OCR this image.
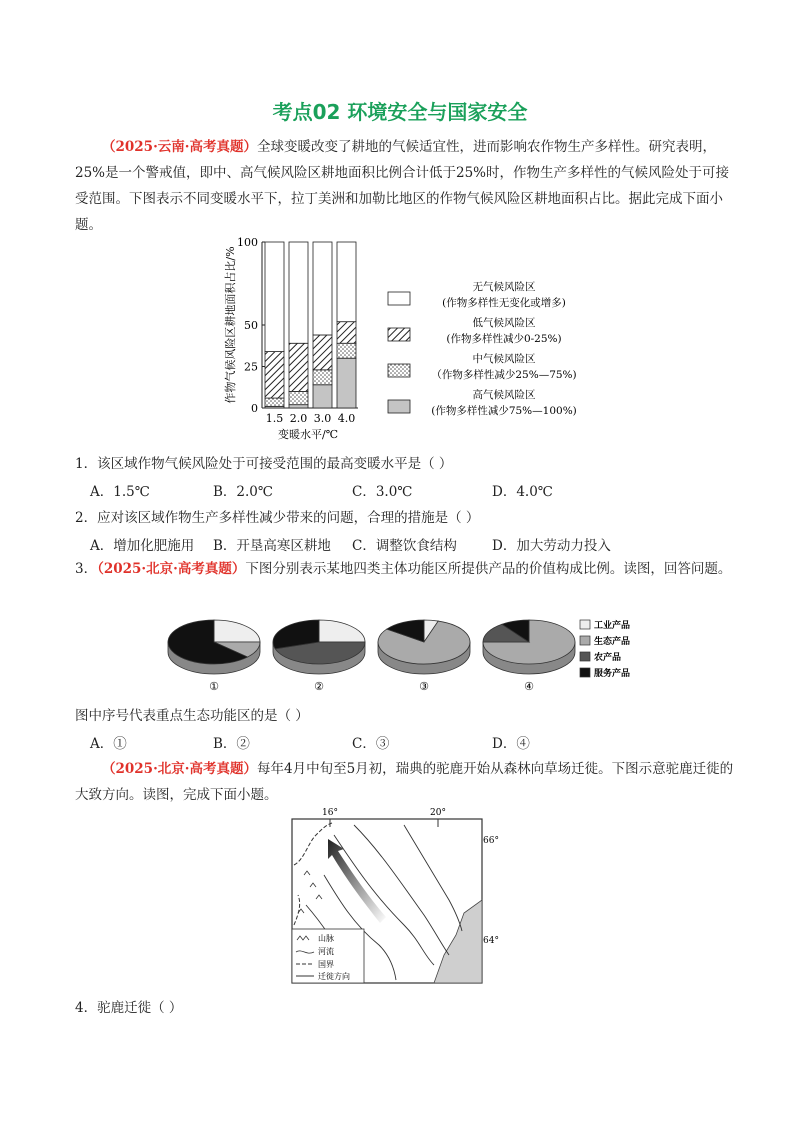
考点02 环境安全与国家安全
（2025·云南·高考真题）全球变暖改变了耕地的气候适宜性，进而影响农作物生产多样性。研究表明，25%是一个警戒值，即中、高气候风险区耕地面积比例合计低于25%时，作物生产多样性的气候风险处于可接受范围。下图表示不同变暖水平下，拉丁美洲和加勒比地区的作物气候风险区耕地面积占比。据此完成下面小题。
0
25
50
100
作物气候风险区耕地面积占比/%
变暖水平/℃
1.5 2.0 3.0 4.0
无气候风险区
(作物多样性无变化或增多)
低气候风险区
(作物多样性减少0-25%)
中气候风险区
（作物多样性减少25%—75%)
高气候风险区
(作物多样性减少75%—100%)
1．该区域作物气候风险处于可接受范围的最高变暖水平是（ ）
A．1.5℃	B．2.0℃	C．3.0℃	D．4.0℃
2．应对该区域作物生产多样性减少带来的问题，合理的措施是（ ）
A．增加化肥施用 B．开垦高寒区耕地 C．调整饮食结构	D．加大劳动力投入
3．（2025·北京·高考真题）下图分别表示某地四类主体功能区所提供产品的价值构成比例。读图，回答问题。
①	②	③	④
工业产品
生态产品
农产品
服务产品
图中序号代表重点生态功能区的是（ ）
A．①	B．②	C．③	D．④
（2025·北京·高考真题）每年4月中旬至5月初，瑞典的驼鹿开始从森林向草场迁徙。下图示意驼鹿迁徙的大致方向。读图，完成下面小题。
16°	20°
66°
64°
山脉
河流
国界
迁徙方向
4．驼鹿迁徙（ ）
